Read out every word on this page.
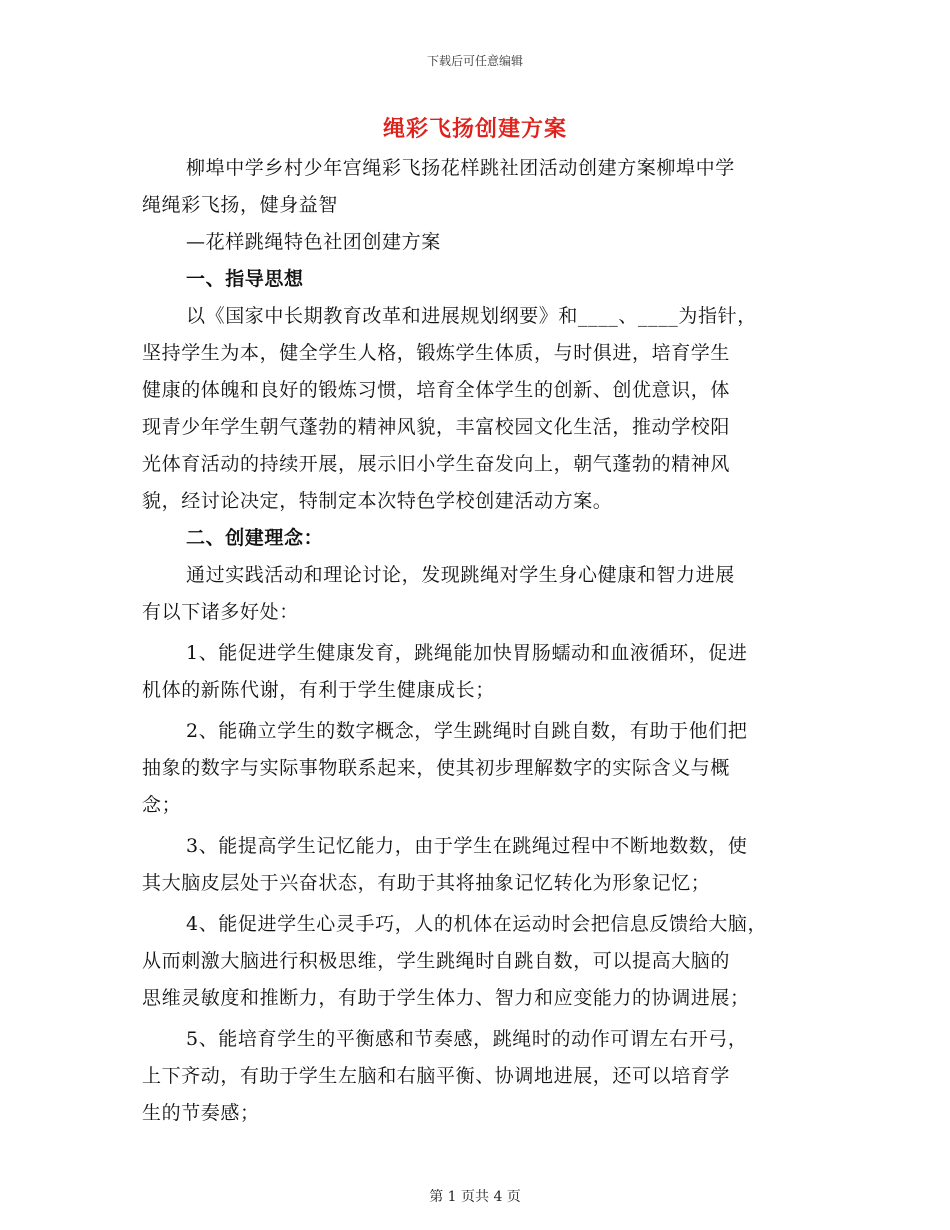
下载后可任意编辑
绳彩飞扬创建方案
柳埠中学乡村少年宫绳彩飞扬花样跳社团活动创建方案柳埠中学
绳绳彩飞扬，健身益智
—花样跳绳特色社团创建方案
一、指导思想
以《国家中长期教育改革和进展规划纲要》和____、____为指针，
坚持学生为本，健全学生人格，锻炼学生体质，与时俱进，培育学生
健康的体魄和良好的锻炼习惯，培育全体学生的创新、创优意识，体
现青少年学生朝气蓬勃的精神风貌，丰富校园文化生活，推动学校阳
光体育活动的持续开展，展示旧小学生奋发向上，朝气蓬勃的精神风
貌，经讨论决定，特制定本次特色学校创建活动方案。
二、创建理念：
通过实践活动和理论讨论，发现跳绳对学生身心健康和智力进展
有以下诸多好处：
1、能促进学生健康发育，跳绳能加快胃肠蠕动和血液循环，促进
机体的新陈代谢，有利于学生健康成长；
2、能确立学生的数字概念，学生跳绳时自跳自数，有助于他们把
抽象的数字与实际事物联系起来，使其初步理解数字的实际含义与概
念；
3、能提高学生记忆能力，由于学生在跳绳过程中不断地数数，使
其大脑皮层处于兴奋状态，有助于其将抽象记忆转化为形象记忆；
4、能促进学生心灵手巧，人的机体在运动时会把信息反馈给大脑，
从而刺激大脑进行积极思维，学生跳绳时自跳自数，可以提高大脑的
思维灵敏度和推断力，有助于学生体力、智力和应变能力的协调进展；
5、能培育学生的平衡感和节奏感，跳绳时的动作可谓左右开弓，
上下齐动，有助于学生左脑和右脑平衡、协调地进展，还可以培育学
生的节奏感；
第 1 页共 4 页
